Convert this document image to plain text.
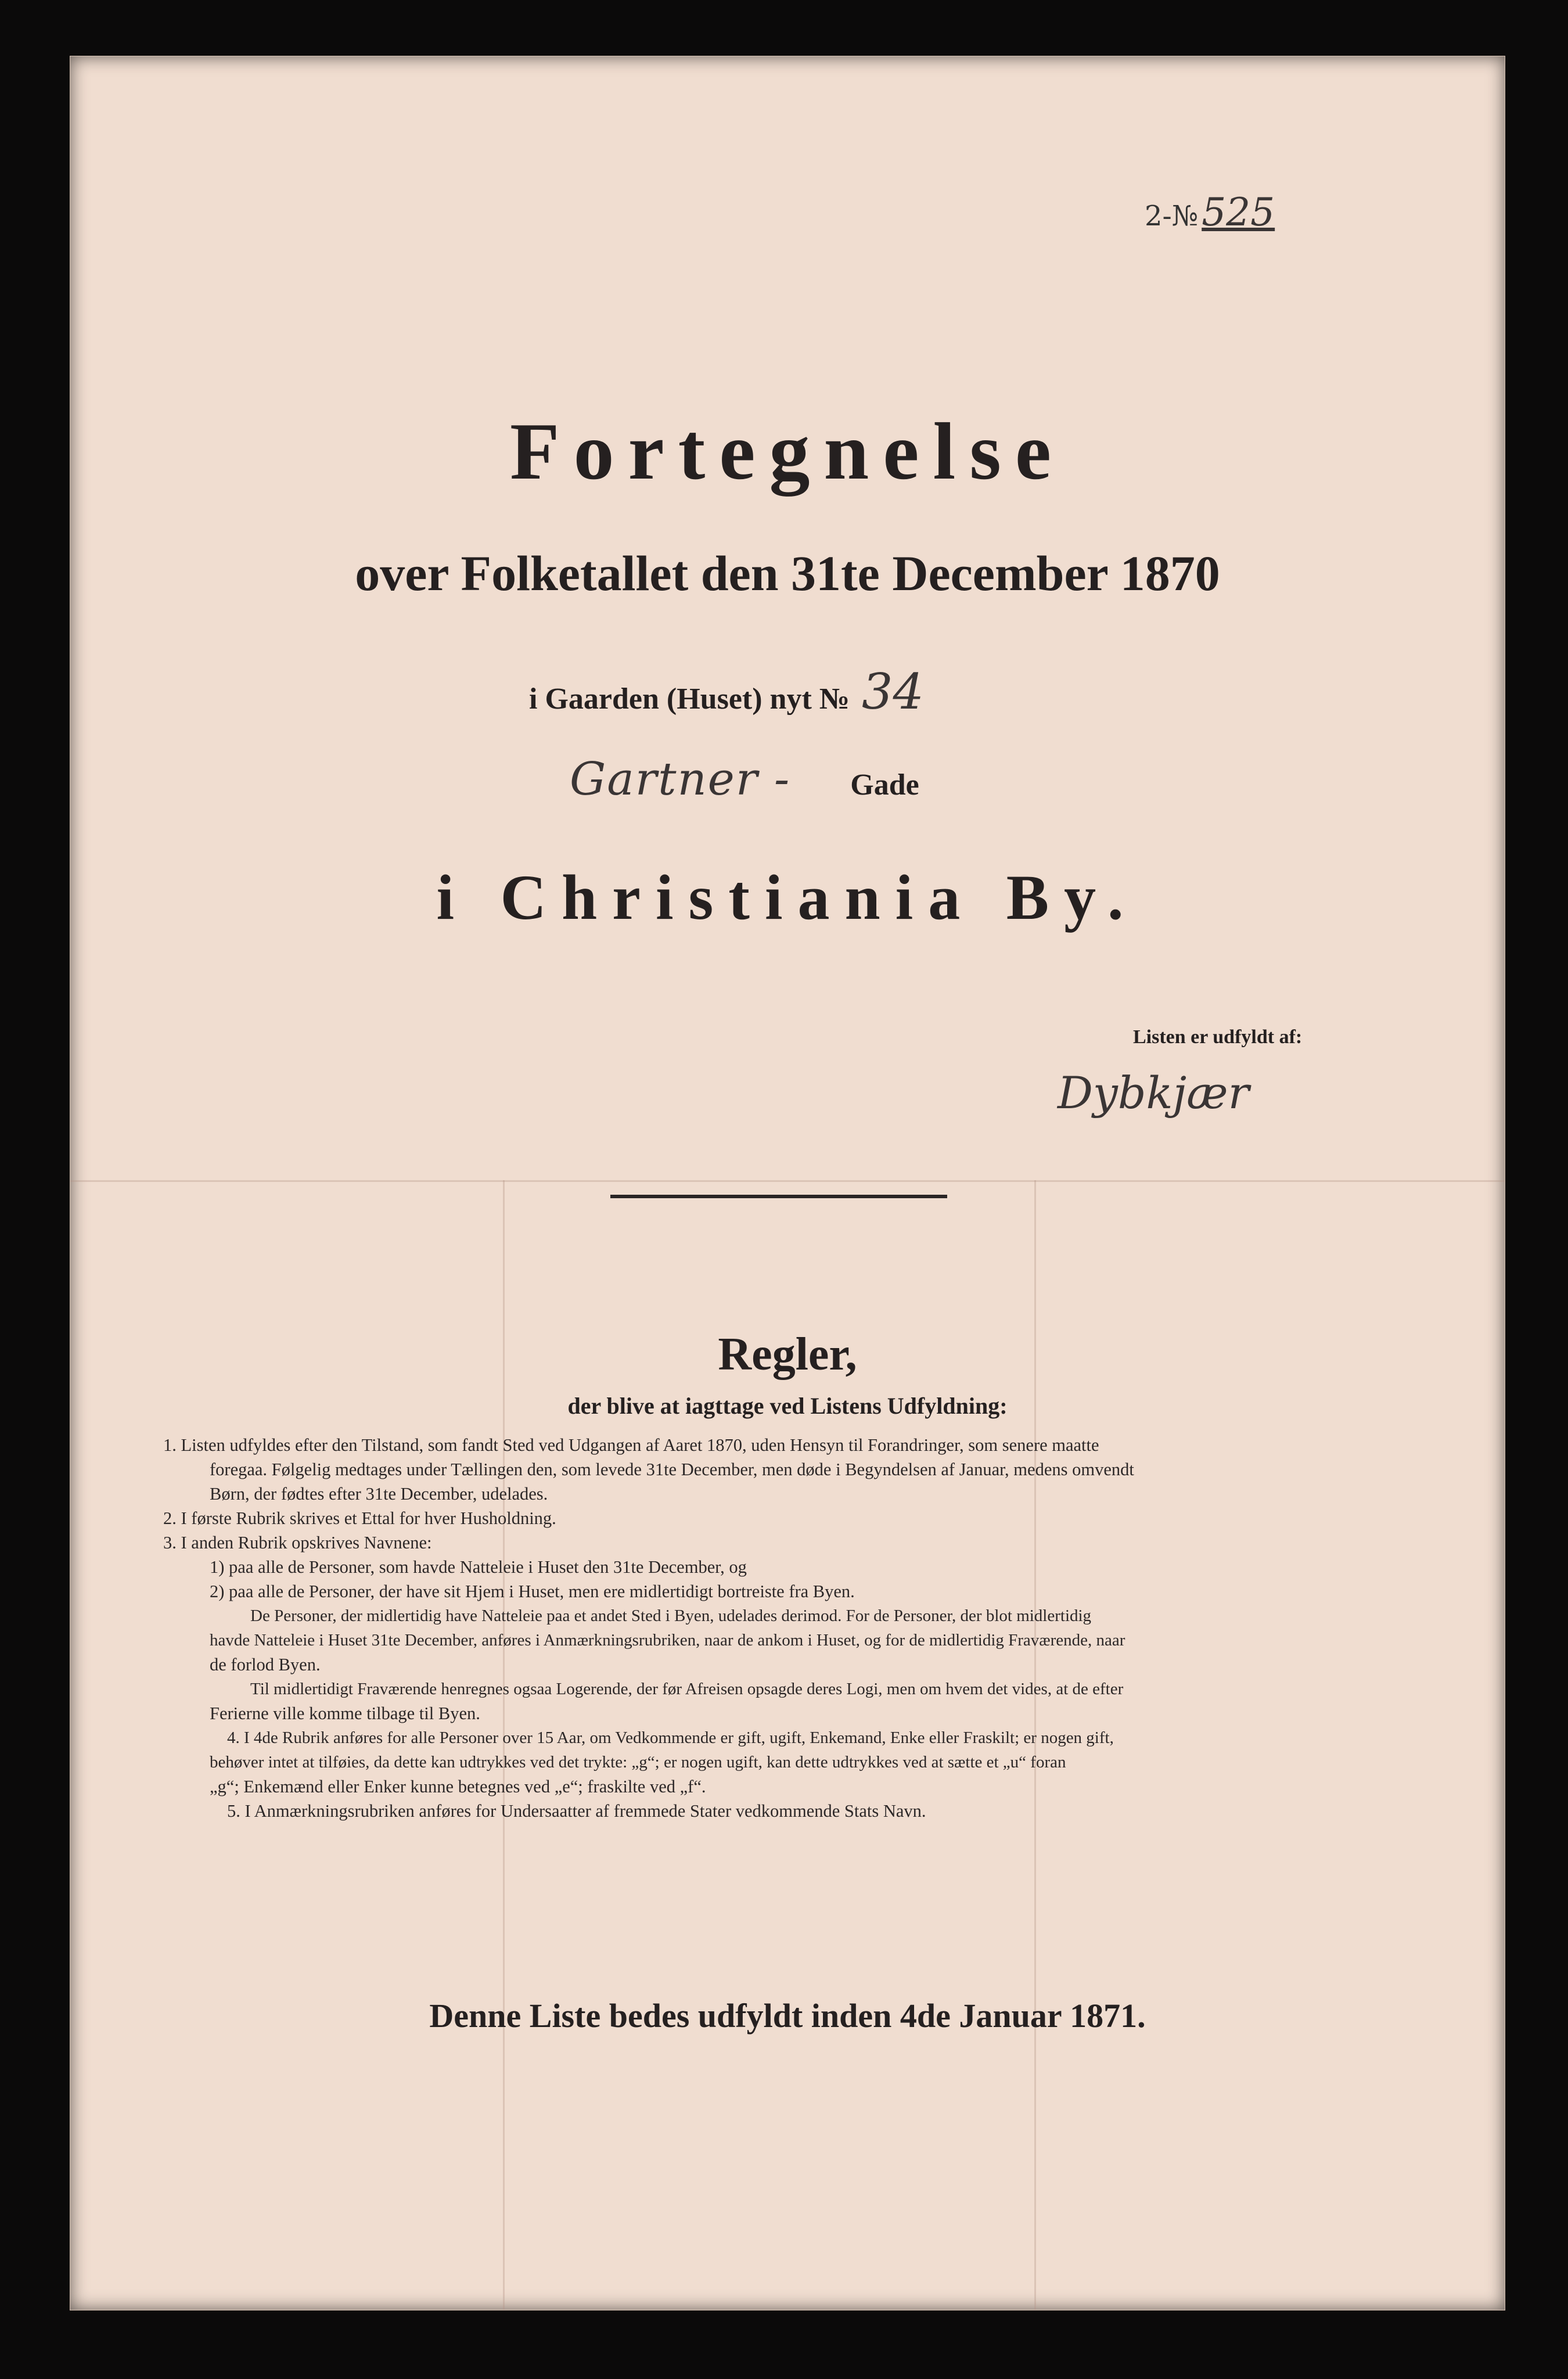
2-№525
Fortegnelse
over Folketallet den 31te December 1870
i Gaarden (Huset) nyt № 34
Gartner - Gade
i Christiania By.
Listen er udfyldt af:
Dybkjær
Regler,
der blive at iagttage ved Listens Udfyldning:
1. Listen udfyldes efter den Tilstand, som fandt Sted ved Udgangen af Aaret 1870, uden Hensyn til Forandringer, som senere maatte
foregaa. Følgelig medtages under Tællingen den, som levede 31te December, men døde i Begyndelsen af Januar, medens omvendt
Børn, der fødtes efter 31te December, udelades.
2. I første Rubrik skrives et Ettal for hver Husholdning.
3. I anden Rubrik opskrives Navnene:
1) paa alle de Personer, som havde Natteleie i Huset den 31te December, og
2) paa alle de Personer, der have sit Hjem i Huset, men ere midlertidigt bortreiste fra Byen.
De Personer, der midlertidig have Natteleie paa et andet Sted i Byen, udelades derimod. For de Personer, der blot midlertidig
havde Natteleie i Huset 31te December, anføres i Anmærkningsrubriken, naar de ankom i Huset, og for de midlertidig Fraværende, naar
de forlod Byen.
Til midlertidigt Fraværende henregnes ogsaa Logerende, der før Afreisen opsagde deres Logi, men om hvem det vides, at de efter
Ferierne ville komme tilbage til Byen.
4. I 4de Rubrik anføres for alle Personer over 15 Aar, om Vedkommende er gift, ugift, Enkemand, Enke eller Fraskilt; er nogen gift,
behøver intet at tilføies, da dette kan udtrykkes ved det trykte: „g“; er nogen ugift, kan dette udtrykkes ved at sætte et „u“ foran
„g“; Enkemænd eller Enker kunne betegnes ved „e“; fraskilte ved „f“.
5. I Anmærkningsrubriken anføres for Undersaatter af fremmede Stater vedkommende Stats Navn.
Denne Liste bedes udfyldt inden 4de Januar 1871.
